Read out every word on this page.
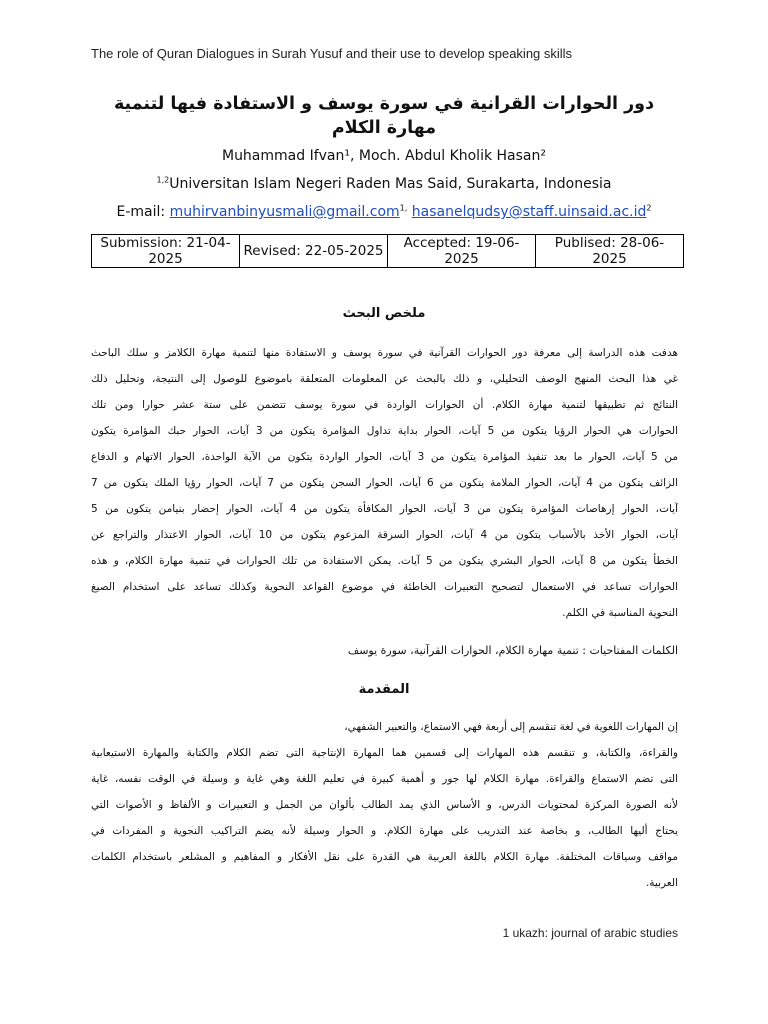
The role of Quran Dialogues in Surah Yusuf and their use to develop speaking skills
دور الحوارات القرانية في سورة يوسف و الاستفادة فيها لتنمية مهارة الكلام
Muhammad Ifvan¹, Moch. Abdul Kholik Hasan²
$^{1,2}$Universitan Islam Negeri Raden Mas Said, Surakarta, Indonesia
E-mail: muhirvanbinyusmali@gmail.com$^{1,}$ $hasanelqudsy@staff.uinsaid.ac.id^2$
Submission: 21-04-2025	Revised: 22-05-2025	Accepted: 19-06-2025	Publised: 28-06-2025
ملخص البحث
هدفت هذه الدراسة إلى معرفة دور الحوارات القرآنية في سورة يوسف و الاستفادة منها لتنمية مهارة الكلامز و سلك الباحث
غي هذا البحث المنهج الوصف التحليلي، و ذلك بالبحث عن المعلومات المتعلقة باموضوع للوصول إلى النتيجة، وتحليل ذلك
النتائج ثم تطبيقها لتنمية مهارة الكلام. أن الحوارات الواردة في سورة يوسف تتضمن على ستة عشر حوارا ومن تلك
الحوارات هي الحوار الرؤيا يتكون من 5 آيات، الحوار بداية تداول المؤامرة يتكون من 3 آيات، الحوار حبك المؤامرة يتكون
من 5 آيات، الحوار ما بعد تنفيذ المؤامرة يتكون من 3 آيات، الحوار الواردة يتكون من الآية الواحدة، الحوار الاتهام و الدفاع
الزائف يتكون من 4 آيات، الحوار الملامة يتكون من 6 آيات، الحوار السجن يتكون من 7 آيات، الحوار رؤيا الملك يتكون من 7
آيات، الحوار إرهاصات المؤامرة يتكون من 3 آيات، الحوار المكافأة يتكون من 4 آيات، الحوار إحضار بنيامن يتكون من 5
آيات، الحوار الأخذ بالأسباب يتكون من 4 آيات، الحوار السرقة المزعوم يتكون من 10 آيات، الحوار الاعتذار والتراجع عن
الخطأ يتكون من 8 آيات، الحوار البشري يتكون من 5 آيات. يمكن الاستفادة من تلك الحوارات في تنمية مهارة الكلام، و هذه
الحوارات تساعد في الاستعمال لتصحيح التعبيرات الخاطئة في موضوع القواعد النحوية وكذلك تساعد على استخدام الصيغ
النحوية المناسبة في الكلم.
الكلمات المفتاحيات : تنمية مهارة الكلام، الحوارات القرآنية، سورة يوسف
المقدمة
إن المهارات اللغوية في لغة تنقسم إلى أربعة فهي الاستماع، والتعبير الشفهي،
والقراءة، والكتابة، و تنقسم هذه المهارات إلى قسمين هما المهارة الإنتاجية التى تضم الكلام والكتابة والمهارة الاستيعابية
التى تضم الاستماع والقراءة. مهارة الكلام لها جور و أهمية كبيرة في تعليم اللغة وهي غاية و وسيلة في الوقت نفسه، غاية
لأنه الصورة المركزة لمحتويات الدرس، و الأساس الذي يمد الطالب بألوان من الجمل و التعبيرات و الألفاظ و الأصوات التي
يحتاج أليها الطالب، و بخاصة عند التدريب على مهارة الكلام. و الحوار وسيلة لأنه يضم التراكيب النحوية و المفردات في
مواقف وسياقات المختلفة. مهارة الكلام باللغة العربية هي القدرة على نقل الأفكار و المفاهيم و المشلعر باستخدام الكلمات
العربية.
1 ukazh: journal of arabic studies
